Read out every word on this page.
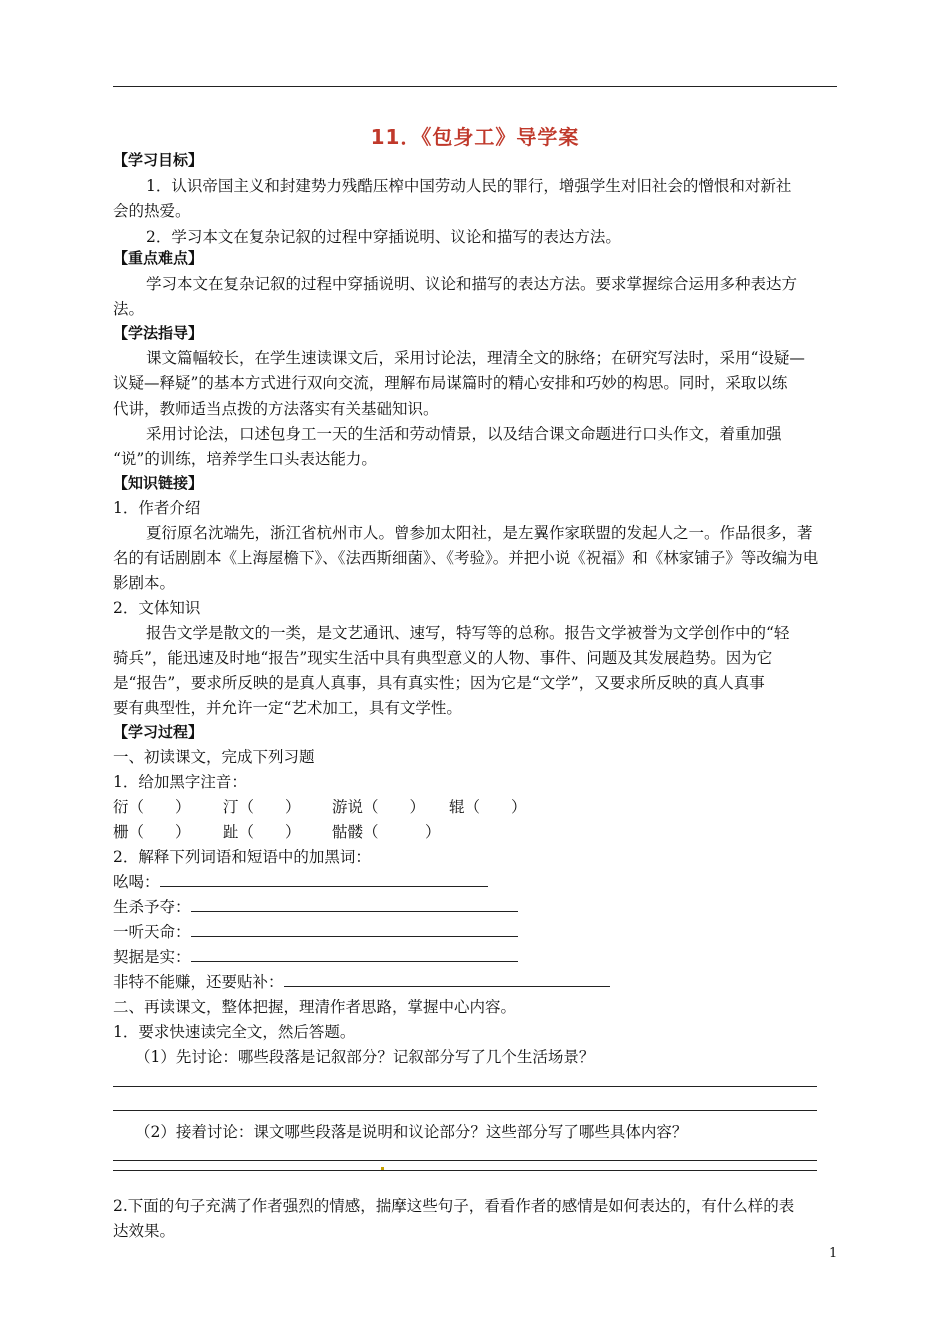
11．《包身工》导学案
【学习目标】
1．认识帝国主义和封建势力残酷压榨中国劳动人民的罪行，增强学生对旧社会的憎恨和对新社
会的热爱。
2．学习本文在复杂记叙的过程中穿插说明、议论和描写的表达方法。
【重点难点】
学习本文在复杂记叙的过程中穿插说明、议论和描写的表达方法。要求掌握综合运用多种表达方
法。
【学法指导】
课文篇幅较长，在学生速读课文后，采用讨论法，理清全文的脉络；在研究写法时，采用“设疑—
议疑—释疑”的基本方式进行双向交流，理解布局谋篇时的精心安排和巧妙的构思。同时，采取以练
代讲，教师适当点拨的方法落实有关基础知识。
采用讨论法，口述包身工一天的生活和劳动情景，以及结合课文命题进行口头作文，着重加强
“说”的训练，培养学生口头表达能力。
【知识链接】
1．作者介绍
夏衍原名沈端先，浙江省杭州市人。曾参加太阳社，是左翼作家联盟的发起人之一。作品很多，著
名的有话剧剧本《上海屋檐下》、《法西斯细菌》、《考验》。并把小说《祝福》和《林家铺子》等改编为电
影剧本。
2．文体知识
报告文学是散文的一类，是文艺通讯、速写，特写等的总称。报告文学被誉为文学创作中的“轻
骑兵”，能迅速及时地“报告”现实生活中具有典型意义的人物、事件、问题及其发展趋势。因为它
是“报告”，要求所反映的是真人真事，具有真实性；因为它是“文学”，又要求所反映的真人真事
要有典型性，并允许一定“艺术加工，具有文学性。
【学习过程】
一、初读课文，完成下列习题
1．给加黑字注音：
衍（　　） 汀（　　） 游说（　　） 辊（　　）
栅（　　） 趾（　　） 骷髅（　　　）
2．解释下列词语和短语中的加黑词：
吆喝：
生杀予夺：
一听天命：
契据是实：
非特不能赚，还要贴补：
二、再读课文，整体把握，理清作者思路，掌握中心内容。
1．要求快速读完全文，然后答题。
（1）先讨论：哪些段落是记叙部分？记叙部分写了几个生活场景？
（2）接着讨论：课文哪些段落是说明和议论部分？这些部分写了哪些具体内容？
2.下面的句子充满了作者强烈的情感，揣摩这些句子，看看作者的感情是如何表达的，有什么样的表
达效果。
1
